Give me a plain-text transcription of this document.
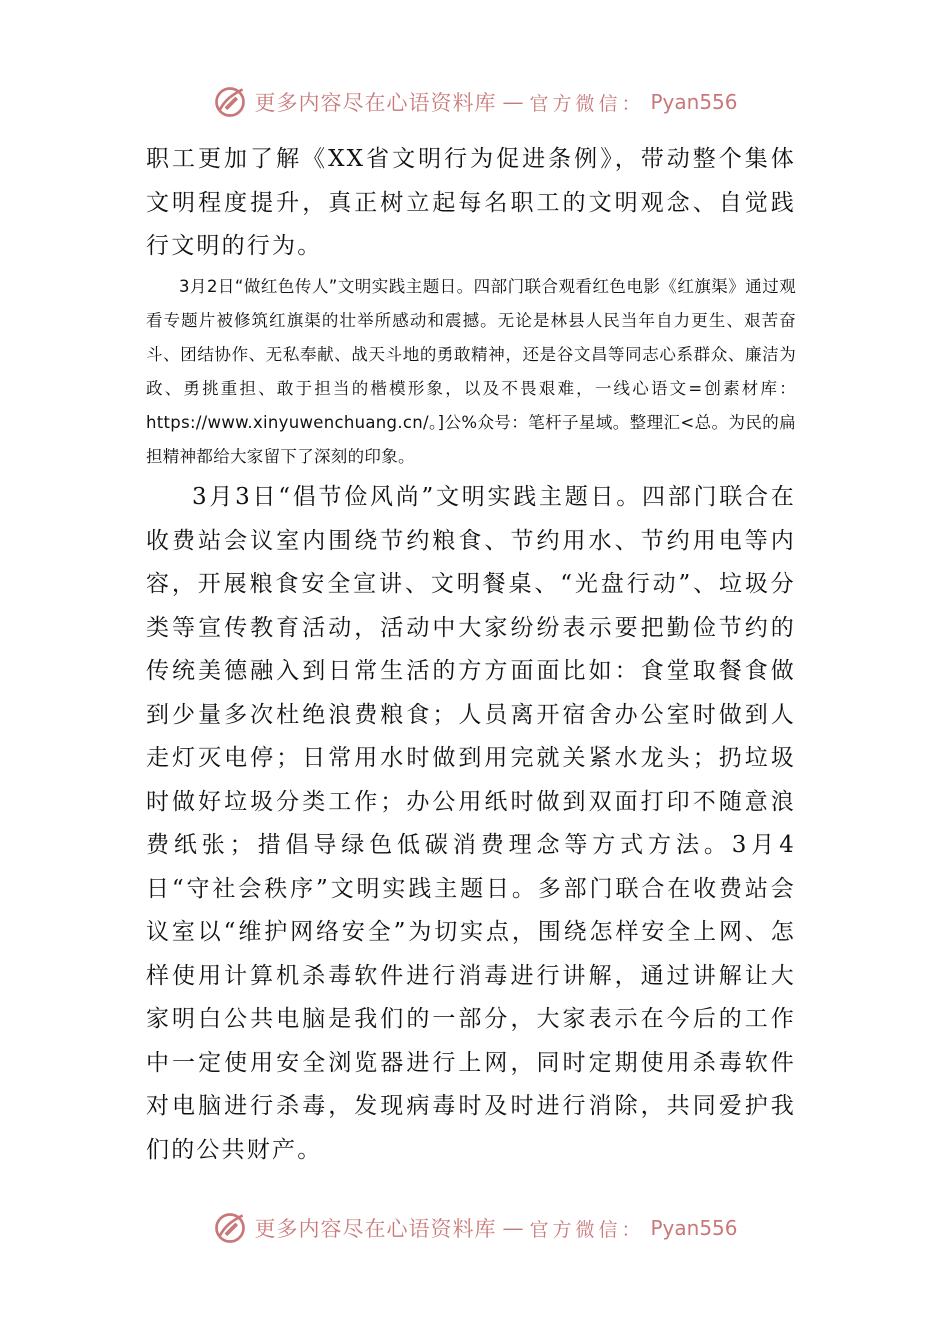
更多内容尽在心语资料库 — 官方微信： Pyan556

职工更加了解《XX省文明行为促进条例》，带动整个集体文明程度提升，真正树立起每名职工的文明观念、自觉践行文明的行为。

3月2日“做红色传人”文明实践主题日。四部门联合观看红色电影《红旗渠》通过观看专题片被修筑红旗渠的壮举所感动和震撼。无论是林县人民当年自力更生、艰苦奋斗、团结协作、无私奉献、战天斗地的勇敢精神，还是谷文昌等同志心系群众、廉洁为政、勇挑重担、敢于担当的楷模形象，以及不畏艰难，一线心语文=创素材库：https://www.xinyuwenchuang.cn/。]公%众号：笔杆子星域。整理汇<总。为民的扁担精神都给大家留下了深刻的印象。

3月3日“倡节俭风尚”文明实践主题日。四部门联合在收费站会议室内围绕节约粮食、节约用水、节约用电等内容，开展粮食安全宣讲、文明餐桌、“光盘行动”、垃圾分类等宣传教育活动，活动中大家纷纷表示要把勤俭节约的传统美德融入到日常生活的方方面面比如：食堂取餐食做到少量多次杜绝浪费粮食；人员离开宿舍办公室时做到人走灯灭电停；日常用水时做到用完就关紧水龙头；扔垃圾时做好垃圾分类工作；办公用纸时做到双面打印不随意浪费纸张；措倡导绿色低碳消费理念等方式方法。3月4日“守社会秩序”文明实践主题日。多部门联合在收费站会议室以“维护网络安全”为切实点，围绕怎样安全上网、怎样使用计算机杀毒软件进行消毒进行讲解，通过讲解让大家明白公共电脑是我们的一部分，大家表示在今后的工作中一定使用安全浏览器进行上网，同时定期使用杀毒软件对电脑进行杀毒，发现病毒时及时进行消除，共同爱护我们的公共财产。

更多内容尽在心语资料库 — 官方微信： Pyan556
